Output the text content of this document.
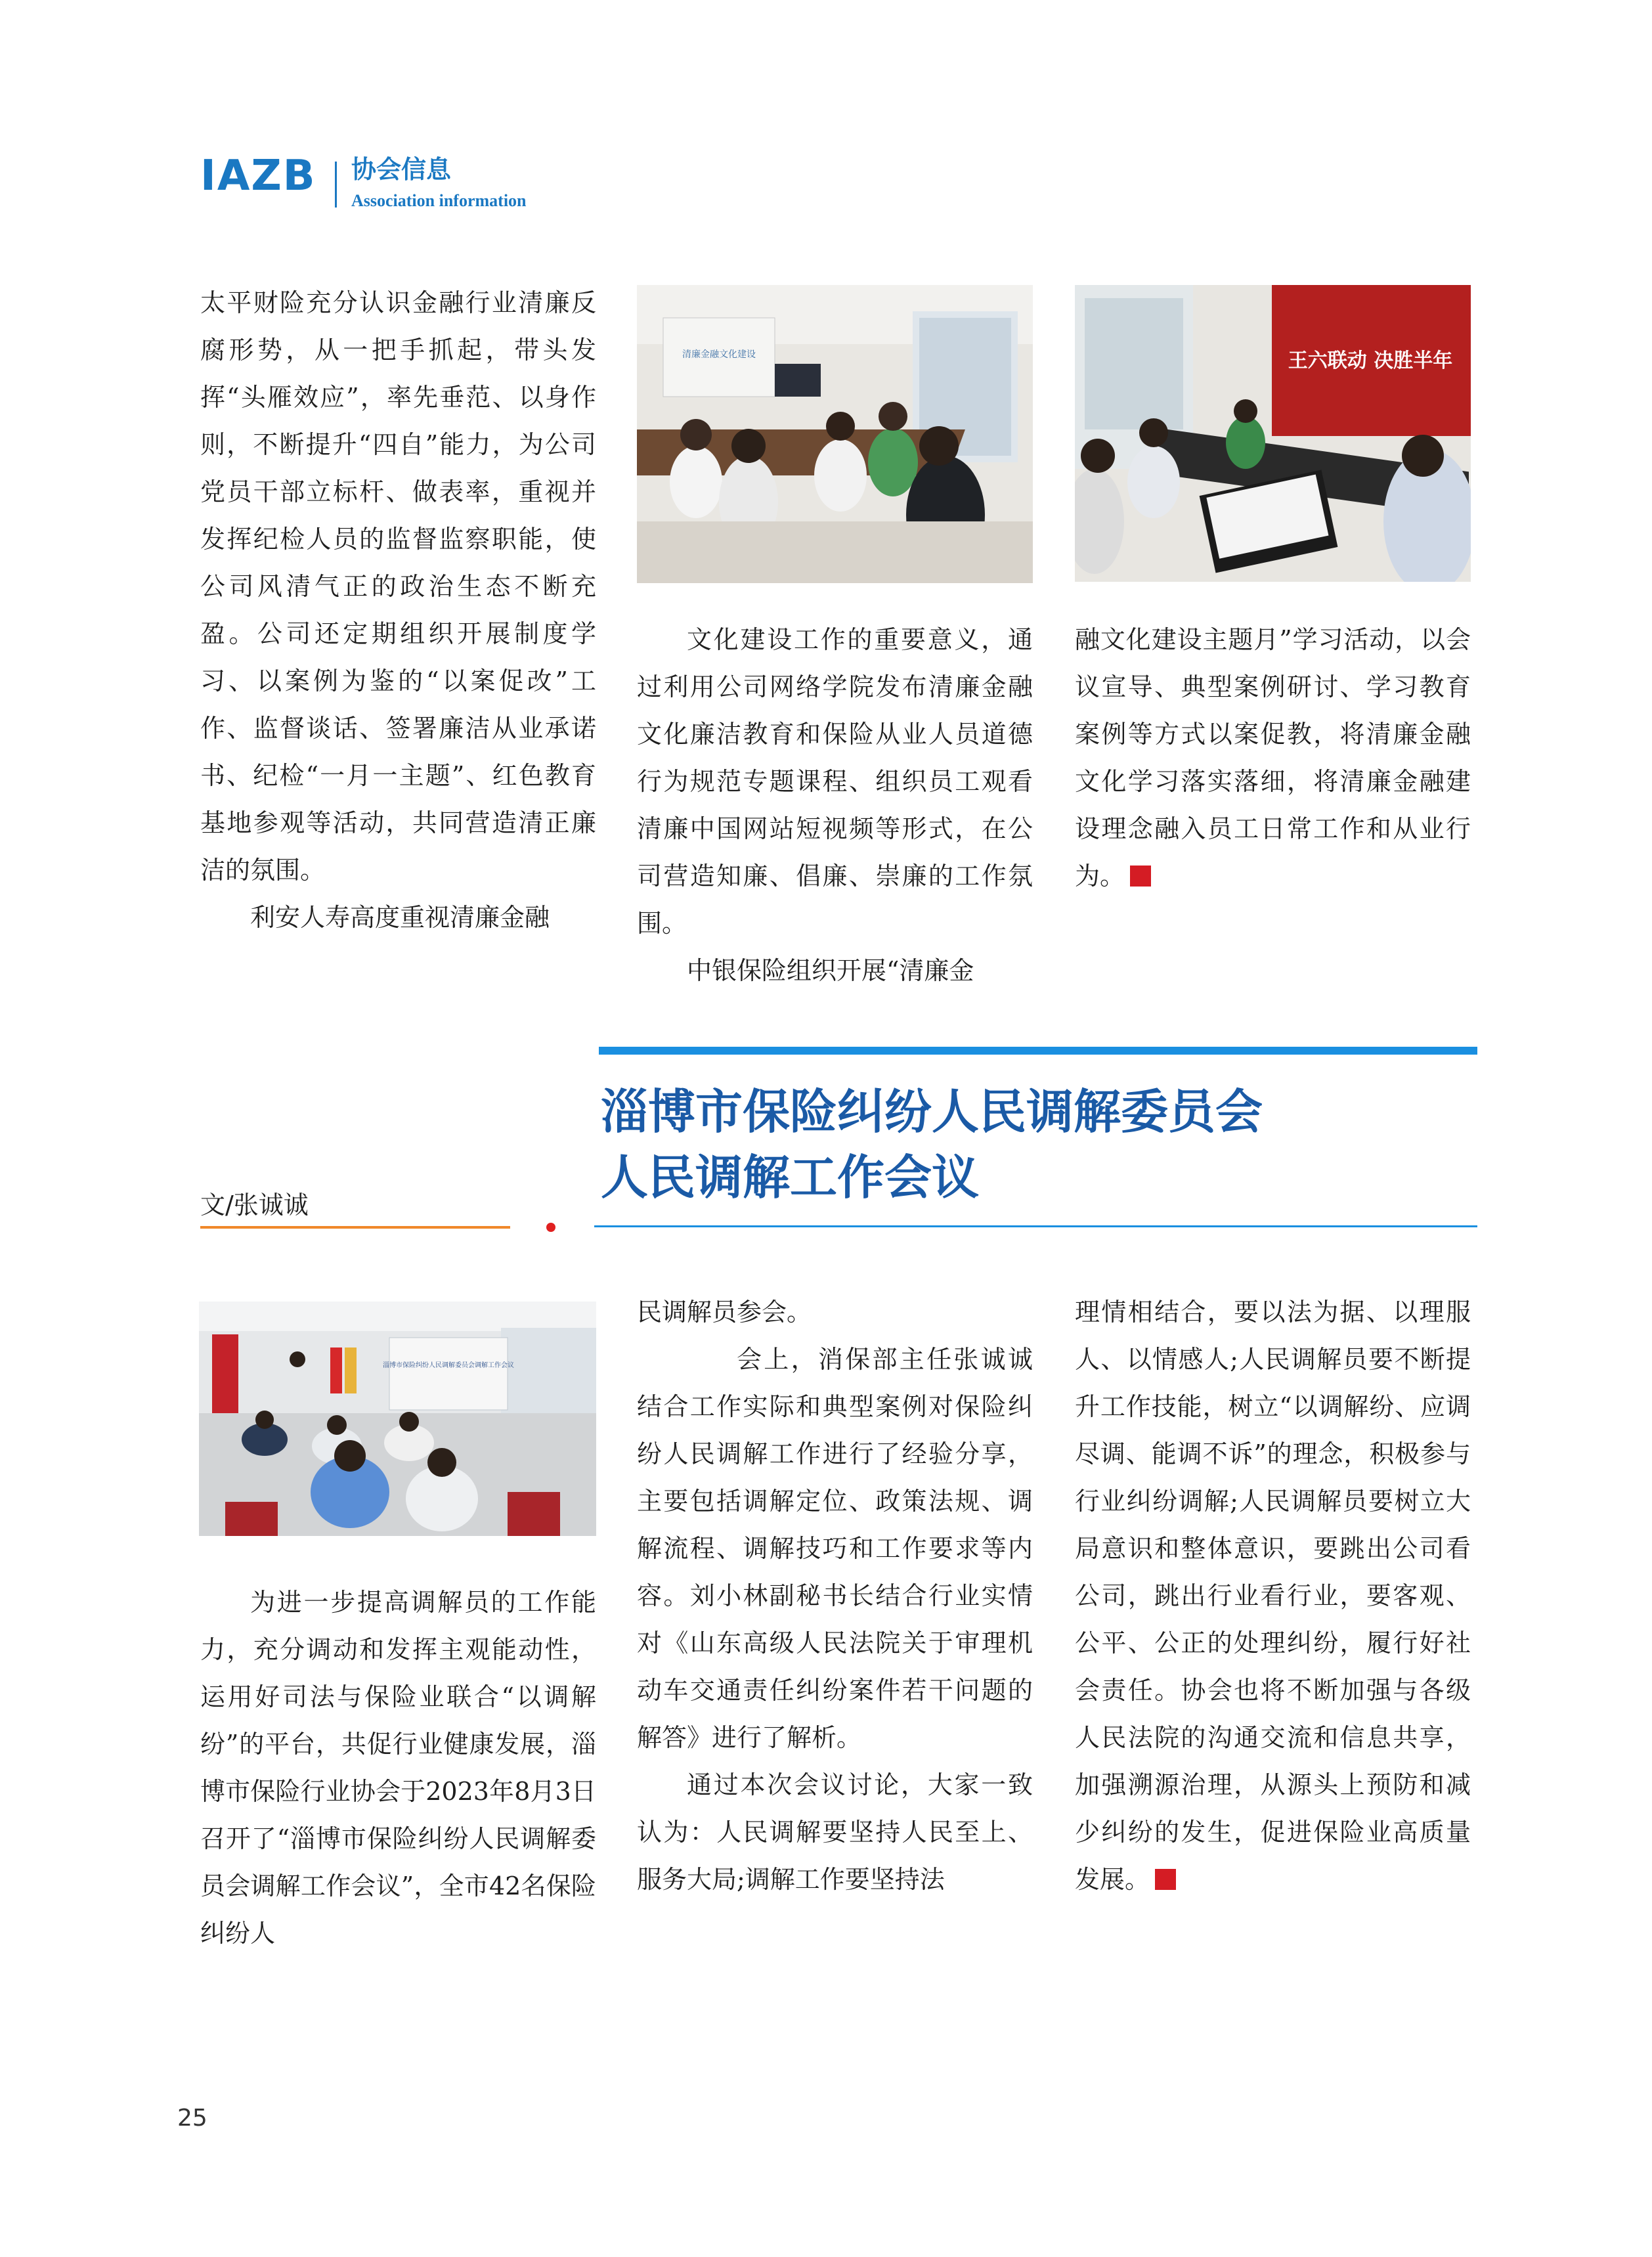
IAZB 协会信息
Association information

太平财险充分认识金融行业清廉反腐形势，从一把手抓起，带头发挥“头雁效应”，率先垂范、以身作则，不断提升“四自”能力，为公司党员干部立标杆、做表率，重视并发挥纪检人员的监督监察职能，使公司风清气正的政治生态不断充盈。公司还定期组织开展制度学习、以案例为鉴的“以案促改”工作、监督谈话、签署廉洁从业承诺书、纪检“一月一主题”、红色教育基地参观等活动，共同营造清正廉洁的氛围。

利安人寿高度重视清廉金融

清廉金融文化建设

文化建设工作的重要意义，通过利用公司网络学院发布清廉金融文化廉洁教育和保险从业人员道德行为规范专题课程、组织员工观看清廉中国网站短视频等形式，在公司营造知廉、倡廉、崇廉的工作氛围。

中银保险组织开展“清廉金

王六联动 决胜半年

融文化建设主题月”学习活动，以会议宣导、典型案例研讨、学习教育案例等方式以案促教，将清廉金融文化学习落实落细，将清廉金融建设理念融入员工日常工作和从业行为。

淄博市保险纠纷人民调解委员会
人民调解工作会议
文/张诚诚
淄博市保险纠纷人民调解委员会调解工作会议

为进一步提高调解员的工作能力，充分调动和发挥主观能动性，运用好司法与保险业联合“以调解纷”的平台，共促行业健康发展，淄博市保险行业协会于2023年8月3日召开了“淄博市保险纠纷人民调解委员会调解工作会议”，全市42名保险纠纷人

民调解员参会。

会上，消保部主任张诚诚结合工作实际和典型案例对保险纠纷人民调解工作进行了经验分享，主要包括调解定位、政策法规、调解流程、调解技巧和工作要求等内容。刘小林副秘书长结合行业实情对《山东高级人民法院关于审理机动车交通责任纠纷案件若干问题的解答》进行了解析。

通过本次会议讨论，大家一致认为：人民调解要坚持人民至上、服务大局;调解工作要坚持法

理情相结合，要以法为据、以理服人、以情感人;人民调解员要不断提升工作技能，树立“以调解纷、应调尽调、能调不诉”的理念，积极参与行业纠纷调解;人民调解员要树立大局意识和整体意识，要跳出公司看公司，跳出行业看行业，要客观、公平、公正的处理纠纷，履行好社会责任。协会也将不断加强与各级人民法院的沟通交流和信息共享，加强溯源治理，从源头上预防和减少纠纷的发生，促进保险业高质量发展。

25
